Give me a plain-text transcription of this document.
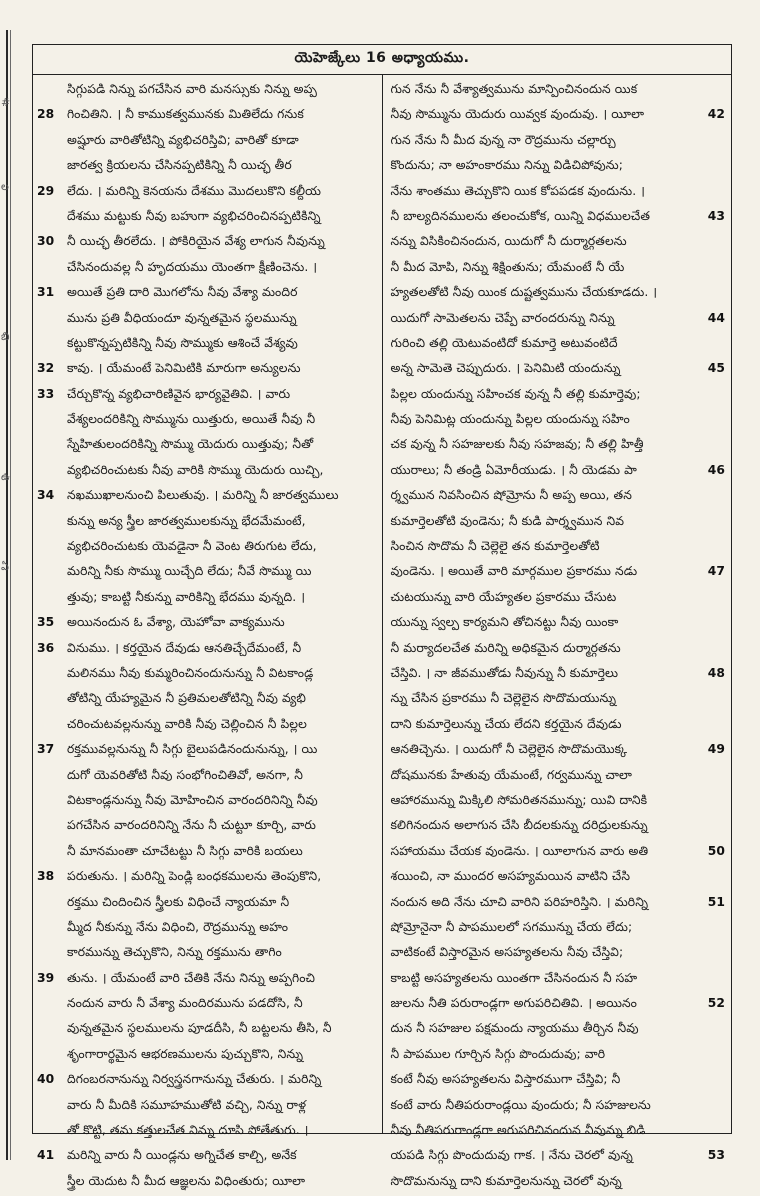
#
ల
బి
ఉ
ఏ
యెహెజ్కేలు 16 అధ్యాయము.
సిగ్గుపడి నిన్ను పగచేసిన వారి మనస్సుకు నిన్ను అప్ప
28 గించితిని. । నీ కాముకత్వమునకు మితిలేదు గనుక
అష్షూరు వారితోటిన్ని వ్యభిచరిస్తివి; వారితో కూడా
జారత్వ క్రియలను చేసినప్పటికిన్ని నీ యిచ్ఛ తీర
29 లేదు. । మరిన్ని కెనయను దేశము మొదలుకొని కల్దీయ
దేశము మట్టుకు నీవు బహుగా వ్యభిచరించినప్పటికిన్ని
30 నీ యిచ్ఛ తీరలేదు. । పోకిరియైన వేశ్య లాగున నీవున్ను
చేసినందువల్ల నీ హృదయము యెంతగా క్షీణించెను. ।
31 అయితే ప్రతి దారి మొగలోను నీవు వేశ్యా మందిర
మును ప్రతి వీధియందూ వున్నతమైన స్థలమున్ను
కట్టుకొన్నప్పటికిన్ని నీవు సొమ్ముకు ఆశించే వేశ్యవు
32 కావు. । యేమంటే పెనిమిటికి మారుగా అన్యులను
33 చేర్చుకొన్న వ్యభిచారిణివైన భార్యవైతివి. । వారు
వేశ్యలందరికిన్ని సొమ్మును యిత్తురు, అయితే నీవు నీ
స్నేహితులందరికిన్ని సొమ్ము యెదురు యిత్తువు; నీతో
వ్యభిచరించుటకు నీవు వారికి సొమ్ము యెదురు యిచ్చి,
34 నఖముఖాలనుంచి పిలుతువు. । మరిన్ని నీ జారత్వములు
కున్ను అన్య స్త్రీల జారత్వములకున్ను భేదమేమంటే,
వ్యభిచరించుటకు యెవడైనా నీ వెంట తిరుగుట లేదు,
మరిన్ని నీకు సొమ్ము యిచ్చేది లేదు; నీవే సొమ్ము యి
త్తువు; కాబట్టి నీకున్ను వారికిన్ని భేదము వున్నది. ।
35 అయినందున ఓ వేశ్యా, యెహోవా వాక్యమును
36 వినుము. । కర్తయైన దేవుడు ఆనతిచ్చేదేమంటే, నీ
మలినము నీవు కుమ్మరించినందునున్ను నీ విటకాండ్ల
తోటిన్ని యేహ్యమైన నీ ప్రతిమలతోటిన్ని నీవు వ్యభి
చరించుటవల్లనున్ను వారికి నీవు చెల్లించిన నీ పిల్లల
37 రక్తమువల్లనున్ను నీ సిగ్గు బైలుపడినందునున్ను, । యి
దుగో యెవరితోటి నీవు సంభోగించితివో, అనగా, నీ
విటకాండ్లనున్ను నీవు మోహించిన వారందరినిన్ని నీవు
పగచేసిన వారందరినిన్ని నేను నీ చుట్టూ కూర్చి, వారు
నీ మానమంతా చూచేటట్టు నీ సిగ్గు వారికి బయలు
38 పరుతును. । మరిన్ని పెండ్లి బంధకములను తెంపుకొని,
రక్తము చిందించిన స్త్రీలకు విధించే న్యాయమా నీ
మ్మీద నీకున్ను నేను విధించి, రౌద్రమున్ను అహం
కారమున్ను తెచ్చుకొని, నిన్ను రక్తమును తాగిం
39 తును. । యేమంటే వారి చేతికి నేను నిన్ను అప్పగించి
నందున వారు నీ వేశ్యా మందిరమును పడదోసి, నీ
వున్నతమైన స్థలములను పూడదీసి, నీ బట్టలను తీసి, నీ
శృంగారార్థమైన ఆభరణములను పుచ్చుకొని, నిన్ను
40 దిగంబరనానున్ను నిర్వస్త్రనగానున్ను చేతురు. । మరిన్ని
వారు నీ మీదికి సమూహముతోటి వచ్చి, నిన్ను రాళ్ల
తో కొట్టి, తమ కత్తులచేత నిన్ను దూసి పోతేతురు. ।
41 మరిన్ని వారు నీ యిండ్లను అగ్నిచేత కాల్చి, అనేక
స్త్రీల యెదుట నీ మీద ఆజ్ఞలను విధింతురు; యీలా
గున నేను నీ వేశ్యాత్వమును మాన్పించినందున యిక
42
నీవు సొమ్మును యెదురు యివ్వక వుందువు. । యీలా
గున నేను నీ మీద వున్న నా రౌద్రమును చల్లార్చు
కొందును; నా అహంకారము నిన్ను విడిచిపోవును;
నేను శాంతము తెచ్చుకొని యిక కోపపడక వుందును. ।
43
నీ బాల్యదినములను తలంచుకోక, యిన్ని విధములచేత
నన్ను విసికించినందున, యిదుగో నీ దుర్మార్గతలను
నీ మీద మోపి, నిన్ను శిక్షింతును; యేమంటే నీ యే
హ్యతలతోటి నీవు యింక దుష్టత్వమును చేయకూడదు. ।
44
యిదుగో సామెతలను చెప్పే వారందరున్ను నిన్ను
గురించి తల్లి యెటువంటిదో కుమార్తె అటువంటిదే
45
అన్న సామెతె చెప్పుదురు. । పెనిమిటి యందున్ను
పిల్లల యందున్ను సహించక వున్న నీ తల్లి కుమార్తెవు;
నీవు పెనిమిట్ల యందున్ను పిల్లల యందున్ను సహిం
చక వున్న నీ సహజులకు నీవు సహజవు; నీ తల్లి హిత్తీ
46
యురాలు; నీ తండ్రి ఏమోరీయుడు. । నీ యెడమ పా
ర్శ్వమున నివసించిన షోమ్రోను నీ అప్ప అయి, తన
కుమార్తెలతోటి వుండెను; నీ కుడి పార్శ్వమున నివ
సించిన సొదొమ నీ చెల్లెలై తన కుమార్తెలతోటి
47
వుండెను. । అయితే వారి మార్గముల ప్రకారము నడు
చుటయున్ను వారి యేహ్యతల ప్రకారము చేసుట
యున్ను స్వల్ప కార్యమని తోచినట్టు నీవు యింకా
నీ మర్యాదలచేత మరిన్ని అధికమైన దుర్మార్గతను
48
చేస్తివి. । నా జీవముతోడు నీవున్ను నీ కుమార్తెలు
న్ను చేసిన ప్రకారము నీ చెల్లెలైన సొదొమయున్ను
దాని కుమార్తెలున్ను చేయ లేదని కర్తయైన దేవుడు
49
ఆనతిచ్చెను. । యిదుగో నీ చెల్లెలైన సొదొమయొక్క
దోషమునకు హేతువు యేమంటే, గర్వమున్ను చాలా
ఆహారమున్ను మిక్కిలి సోమరితనమున్ను; యివి దానికి
కలిగినందున అలాగున చేసి బీదలకున్ను దరిద్రులకున్ను
50
సహాయము చేయక వుండెను. । యీలాగున వారు అతి
శయించి, నా ముందర అసహ్యమయిన వాటిని చేసి
51
నందున అది నేను చూచి వారిని పరిహరిస్తిని. । మరిన్ని
షోమ్రోనైనా నీ పాపములలో సగమున్ను చేయ లేదు;
వాటికంటే విస్తారమైన అసహ్యతలను నీవు చేస్తివి;
కాబట్టి అసహ్యతలను యింతగా చేసినందున నీ సహ
52
జులను నీతి పరురాండ్లగా అగుపరిచితివి. । అయినం
దున నీ సహజుల పక్షమందు న్యాయము తీర్చిన నీవు
నీ పాపముల గూర్చిన సిగ్గు పొందుదువు; వారి
కంటే నీవు అసహ్యతలను విస్తారముగా చేస్తివి; నీ
కంటే వారు నీతిపరురాండ్లయి వుందురు; నీ సహజులను
నీవు నీతిపరురాండ్లగా అగుపరిచినందున నీవున్ను బిడి
53
యపడి సిగ్గు పొందుదువు గాక. । నేను చెరలో వున్న
సొదొమనున్ను దాని కుమార్తెలనున్ను చెరలో వున్న
